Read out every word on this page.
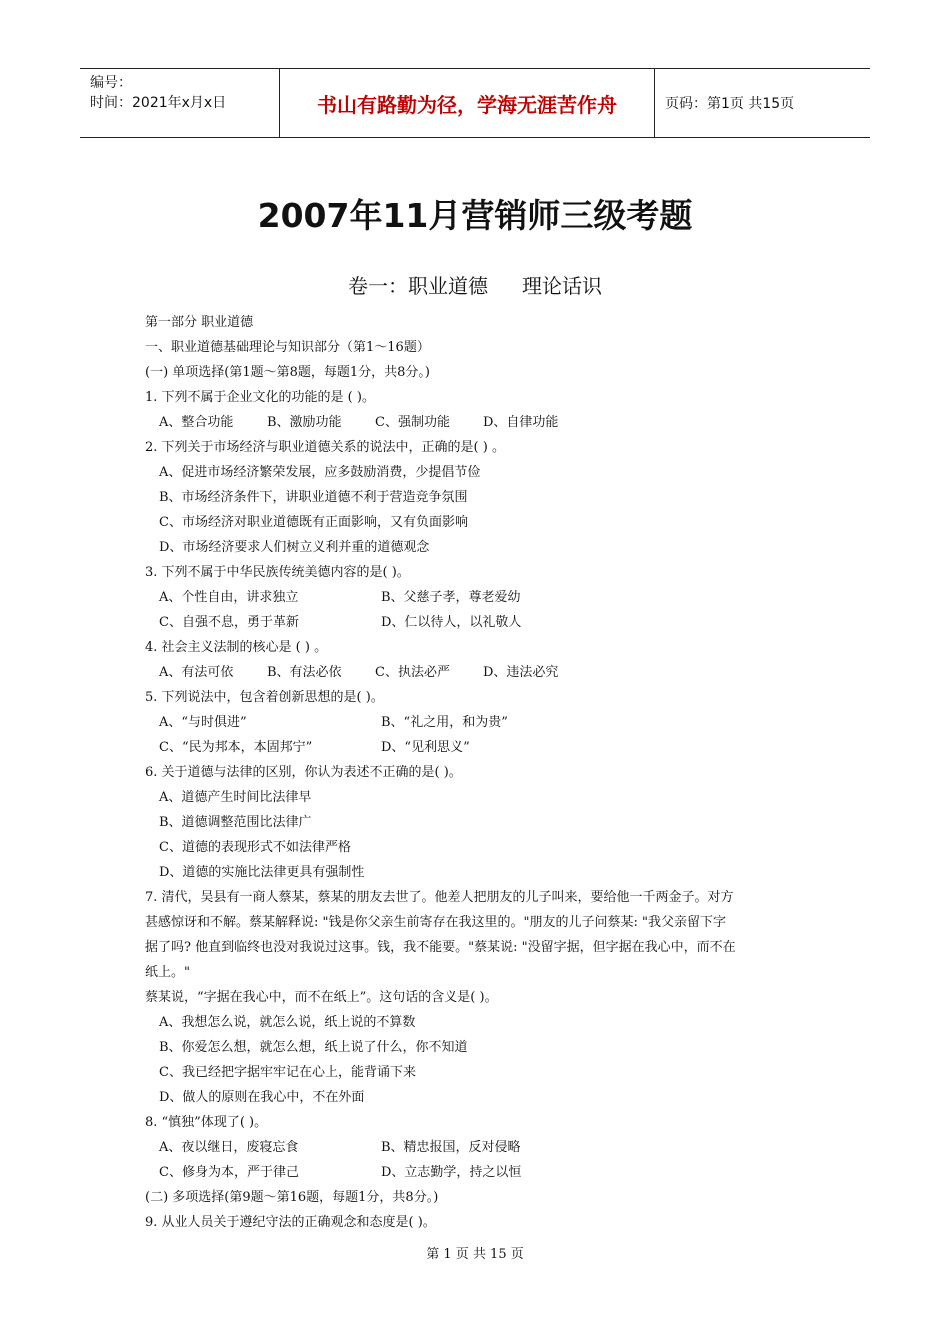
编号：
时间：2021年x月x日	书山有路勤为径，学海无涯苦作舟	页码：第1页 共15页
2007年11月营销师三级考题
卷一：职业道德 理论话识
第一部分 职业道德
一、职业道德基础理论与知识部分（第1～16题）
(一) 单项选择(第1题～第8题，每题1分，共8分。)
1. 下列不属于企业文化的功能的是 ( )。
A、整合功能	B、激励功能	C、强制功能	D、自律功能
2. 下列关于市场经济与职业道德关系的说法中，正确的是( ) 。
A、促进市场经济繁荣发展，应多鼓励消费，少提倡节俭
B、市场经济条件下，讲职业道德不利于营造竞争氛围
C、市场经济对职业道德既有正面影响，又有负面影响
D、市场经济要求人们树立义利并重的道德观念
3. 下列不属于中华民族传统美德内容的是( )。
A、个性自由，讲求独立	B、父慈子孝，尊老爱幼
C、自强不息，勇于革新	D、仁以待人，以礼敬人
4. 社会主义法制的核心是 ( ) 。
A、有法可依	B、有法必依	C、执法必严	D、违法必究
5. 下列说法中，包含着创新思想的是( )。
A、“与时俱进”	B、“礼之用，和为贵”
C、“民为邦本，本固邦宁”	D、“见利思义”
6. 关于道德与法律的区别，你认为表述不正确的是( )。
A、道德产生时间比法律早
B、道德调整范围比法律广
C、道德的表现形式不如法律严格
D、道德的实施比法律更具有强制性
7. 清代，吴县有一商人蔡某，蔡某的朋友去世了。他差人把朋友的儿子叫来，要给他一千两金子。对方
甚感惊讶和不解。蔡某解释说: "钱是你父亲生前寄存在我这里的。"朋友的儿子问蔡某: "我父亲留下字
据了吗? 他直到临终也没对我说过这事。钱，我不能要。"蔡某说: "没留字据，但字据在我心中，而不在
纸上。"
蔡某说，“字据在我心中，而不在纸上”。这句话的含义是( )。
A、我想怎么说，就怎么说，纸上说的不算数
B、你爱怎么想，就怎么想，纸上说了什么，你不知道
C、我已经把字据牢牢记在心上，能背诵下来
D、做人的原则在我心中，不在外面
8. “慎独”体现了( )。
A、夜以继日，废寝忘食	B、精忠报国，反对侵略
C、修身为本，严于律己	D、立志勤学，持之以恒
(二) 多项选择(第9题～第16题，每题1分，共8分。)
9. 从业人员关于遵纪守法的正确观念和态度是( )。
第 1 页 共 15 页
